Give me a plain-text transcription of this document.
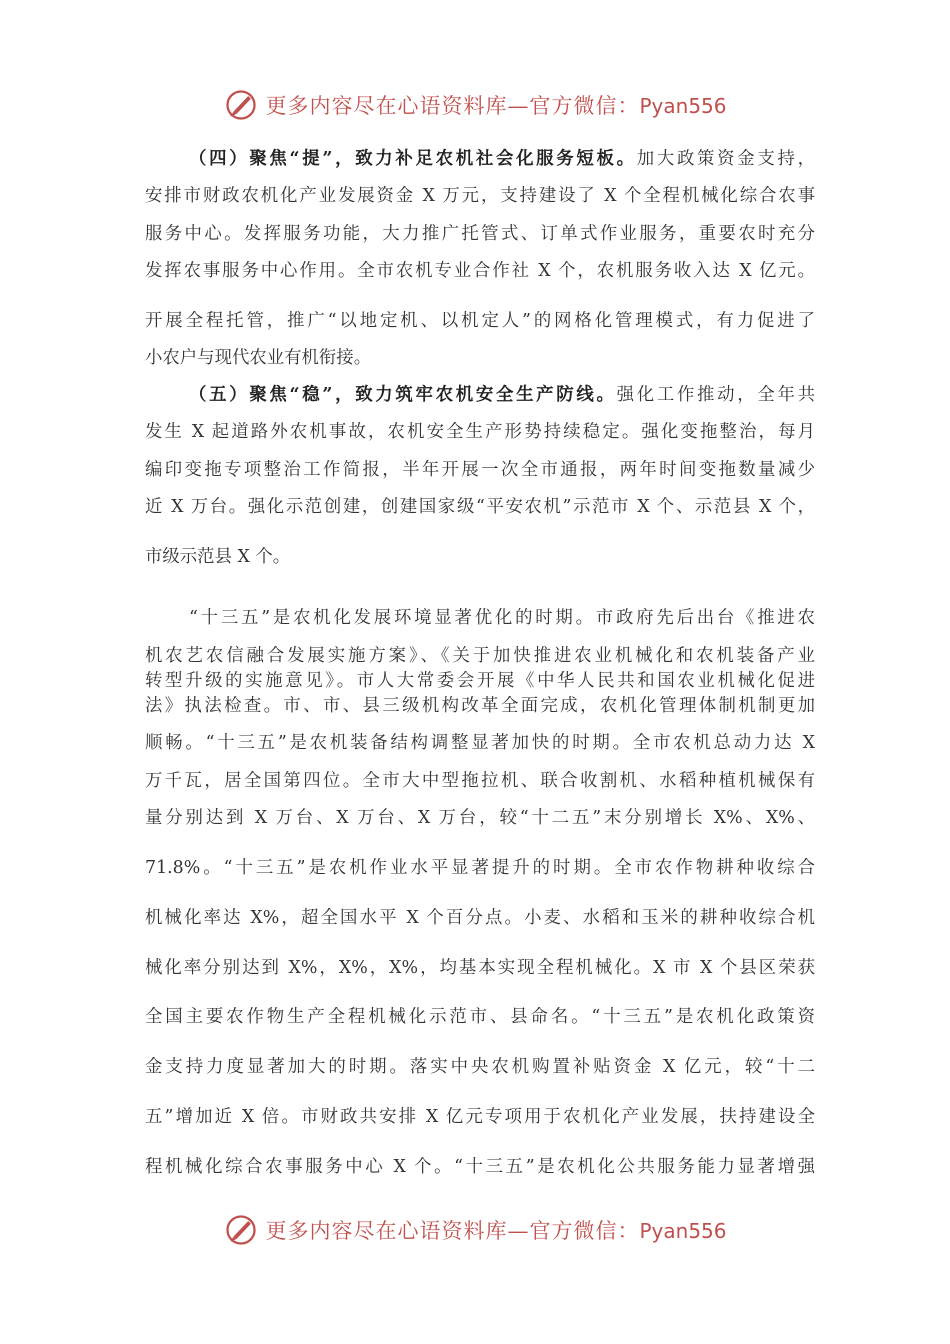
更多内容尽在心语资料库—官方微信：Pyan556
（四）聚焦“提”，致力补足农机社会化服务短板。加大政策资金支持，
安排市财政农机化产业发展资金 X 万元，支持建设了 X 个全程机械化综合农事
服务中心。发挥服务功能，大力推广托管式、订单式作业服务，重要农时充分
发挥农事服务中心作用。全市农机专业合作社 X 个，农机服务收入达 X 亿元。
开展全程托管，推广“以地定机、以机定人”的网格化管理模式，有力促进了
小农户与现代农业有机衔接。
（五）聚焦“稳”，致力筑牢农机安全生产防线。强化工作推动，全年共
发生 X 起道路外农机事故，农机安全生产形势持续稳定。强化变拖整治，每月
编印变拖专项整治工作简报，半年开展一次全市通报，两年时间变拖数量减少
近 X 万台。强化示范创建，创建国家级“平安农机”示范市 X 个、示范县 X 个，
市级示范县 X 个。
“十三五”是农机化发展环境显著优化的时期。市政府先后出台《推进农
机农艺农信融合发展实施方案》、《关于加快推进农业机械化和农机装备产业
转型升级的实施意见》。市人大常委会开展《中华人民共和国农业机械化促进
法》执法检查。市、市、县三级机构改革全面完成，农机化管理体制机制更加
顺畅。“十三五”是农机装备结构调整显著加快的时期。全市农机总动力达 X
万千瓦，居全国第四位。全市大中型拖拉机、联合收割机、水稻种植机械保有
量分别达到 X 万台、X 万台、X 万台，较“十二五”末分别增长 X%、X%、
71.8%。“十三五”是农机作业水平显著提升的时期。全市农作物耕种收综合
机械化率达 X%，超全国水平 X 个百分点。小麦、水稻和玉米的耕种收综合机
械化率分别达到 X%，X%，X%，均基本实现全程机械化。X 市 X 个县区荣获
全国主要农作物生产全程机械化示范市、县命名。“十三五”是农机化政策资
金支持力度显著加大的时期。落实中央农机购置补贴资金 X 亿元，较“十二
五”增加近 X 倍。市财政共安排 X 亿元专项用于农机化产业发展，扶持建设全
程机械化综合农事服务中心 X 个。“十三五”是农机化公共服务能力显著增强
更多内容尽在心语资料库—官方微信：Pyan556
